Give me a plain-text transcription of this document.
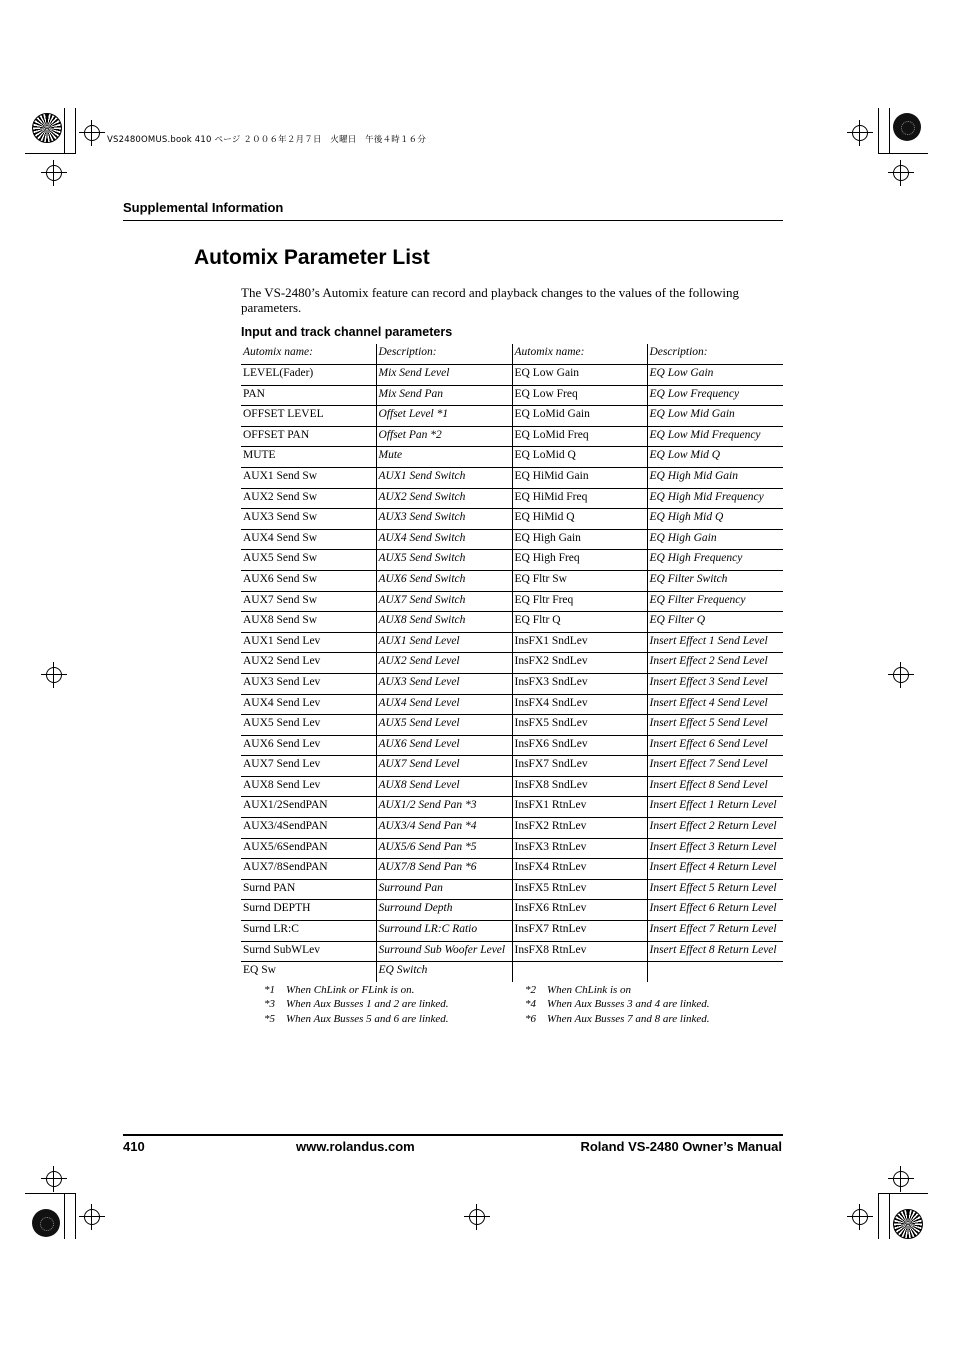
VS2480OMUS.book 410 ページ ２００６年２月７日　火曜日　午後４時１６分
Supplemental Information
Automix Parameter List

The VS-2480’s Automix feature can record and playback changes to the values of the following parameters.

Input and track channel parameters
Automix name:	Description:	Automix name:	Description:
LEVEL(Fader)	Mix Send Level	EQ Low Gain	EQ Low Gain
PAN	Mix Send Pan	EQ Low Freq	EQ Low Frequency
OFFSET LEVEL	Offset Level *1	EQ LoMid Gain	EQ Low Mid Gain
OFFSET PAN	Offset Pan *2	EQ LoMid Freq	EQ Low Mid Frequency
MUTE	Mute	EQ LoMid Q	EQ Low Mid Q
AUX1 Send Sw	AUX1 Send Switch	EQ HiMid Gain	EQ High Mid Gain
AUX2 Send Sw	AUX2 Send Switch	EQ HiMid Freq	EQ High Mid Frequency
AUX3 Send Sw	AUX3 Send Switch	EQ HiMid Q	EQ High Mid Q
AUX4 Send Sw	AUX4 Send Switch	EQ High Gain	EQ High Gain
AUX5 Send Sw	AUX5 Send Switch	EQ High Freq	EQ High Frequency
AUX6 Send Sw	AUX6 Send Switch	EQ Fltr Sw	EQ Filter Switch
AUX7 Send Sw	AUX7 Send Switch	EQ Fltr Freq	EQ Filter Frequency
AUX8 Send Sw	AUX8 Send Switch	EQ Fltr Q	EQ Filter Q
AUX1 Send Lev	AUX1 Send Level	InsFX1 SndLev	Insert Effect 1 Send Level
AUX2 Send Lev	AUX2 Send Level	InsFX2 SndLev	Insert Effect 2 Send Level
AUX3 Send Lev	AUX3 Send Level	InsFX3 SndLev	Insert Effect 3 Send Level
AUX4 Send Lev	AUX4 Send Level	InsFX4 SndLev	Insert Effect 4 Send Level
AUX5 Send Lev	AUX5 Send Level	InsFX5 SndLev	Insert Effect 5 Send Level
AUX6 Send Lev	AUX6 Send Level	InsFX6 SndLev	Insert Effect 6 Send Level
AUX7 Send Lev	AUX7 Send Level	InsFX7 SndLev	Insert Effect 7 Send Level
AUX8 Send Lev	AUX8 Send Level	InsFX8 SndLev	Insert Effect 8 Send Level
AUX1/2SendPAN	AUX1/2 Send Pan *3	InsFX1 RtnLev	Insert Effect 1 Return Level
AUX3/4SendPAN	AUX3/4 Send Pan *4	InsFX2 RtnLev	Insert Effect 2 Return Level
AUX5/6SendPAN	AUX5/6 Send Pan *5	InsFX3 RtnLev	Insert Effect 3 Return Level
AUX7/8SendPAN	AUX7/8 Send Pan *6	InsFX4 RtnLev	Insert Effect 4 Return Level
Surnd PAN	Surround Pan	InsFX5 RtnLev	Insert Effect 5 Return Level
Surnd DEPTH	Surround Depth	InsFX6 RtnLev	Insert Effect 6 Return Level
Surnd LR:C	Surround LR:C Ratio	InsFX7 RtnLev	Insert Effect 7 Return Level
Surnd SubWLev	Surround Sub Woofer Level	InsFX8 RtnLev	Insert Effect 8 Return Level
EQ Sw	EQ Switch		
*1 When ChLink or FLink is on.	*2 When ChLink is on
*3 When Aux Busses 1 and 2 are linked.	*4 When Aux Busses 3 and 4 are linked.
*5 When Aux Busses 5 and 6 are linked.	*6 When Aux Busses 7 and 8 are linked.
410	www.rolandus.com	Roland VS-2480 Owner’s Manual
